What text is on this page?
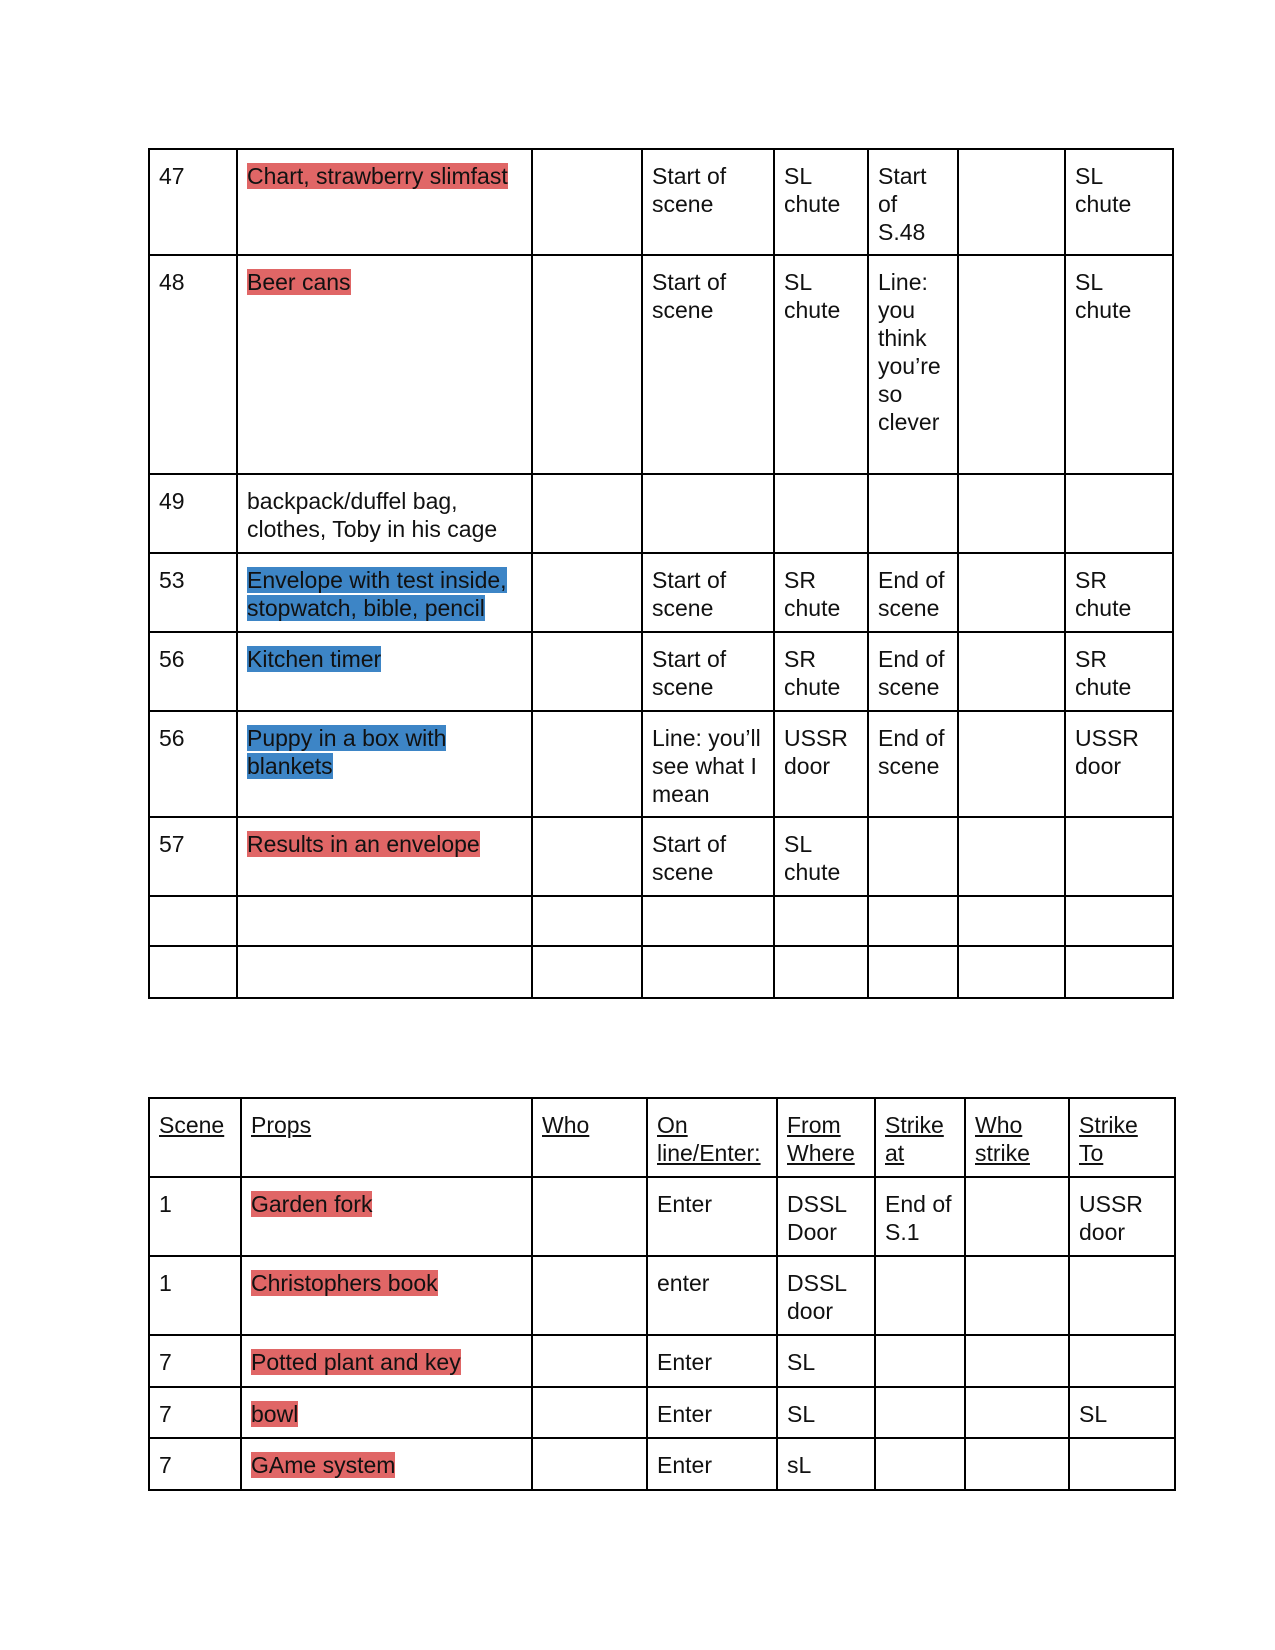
47	Chart, strawberry slimfast		Start of scene	SL chute	Start of S.48		SL chute
48	Beer cans		Start of scene	SL chute	Line: you think you’re so clever		SL chute
49	backpack/duffel bag, clothes, Toby in his cage						
53	Envelope with test inside, stopwatch, bible, pencil		Start of scene	SR chute	End of scene		SR chute
56	Kitchen timer		Start of scene	SR chute	End of scene		SR chute
56	Puppy in a box with blankets		Line: you’ll see what I mean	USSR door	End of scene		USSR door
57	Results in an envelope		Start of scene	SL chute			

Scene	Props	Who	On line/Enter:	From Where	Strike at	Who strike	Strike To
1	Garden fork		Enter	DSSL Door	End of S.1		USSR door
1	Christophers book		enter	DSSL door			
7	Potted plant and key		Enter	SL			
7	bowl		Enter	SL			SL
7	GAme system		Enter	sL			
